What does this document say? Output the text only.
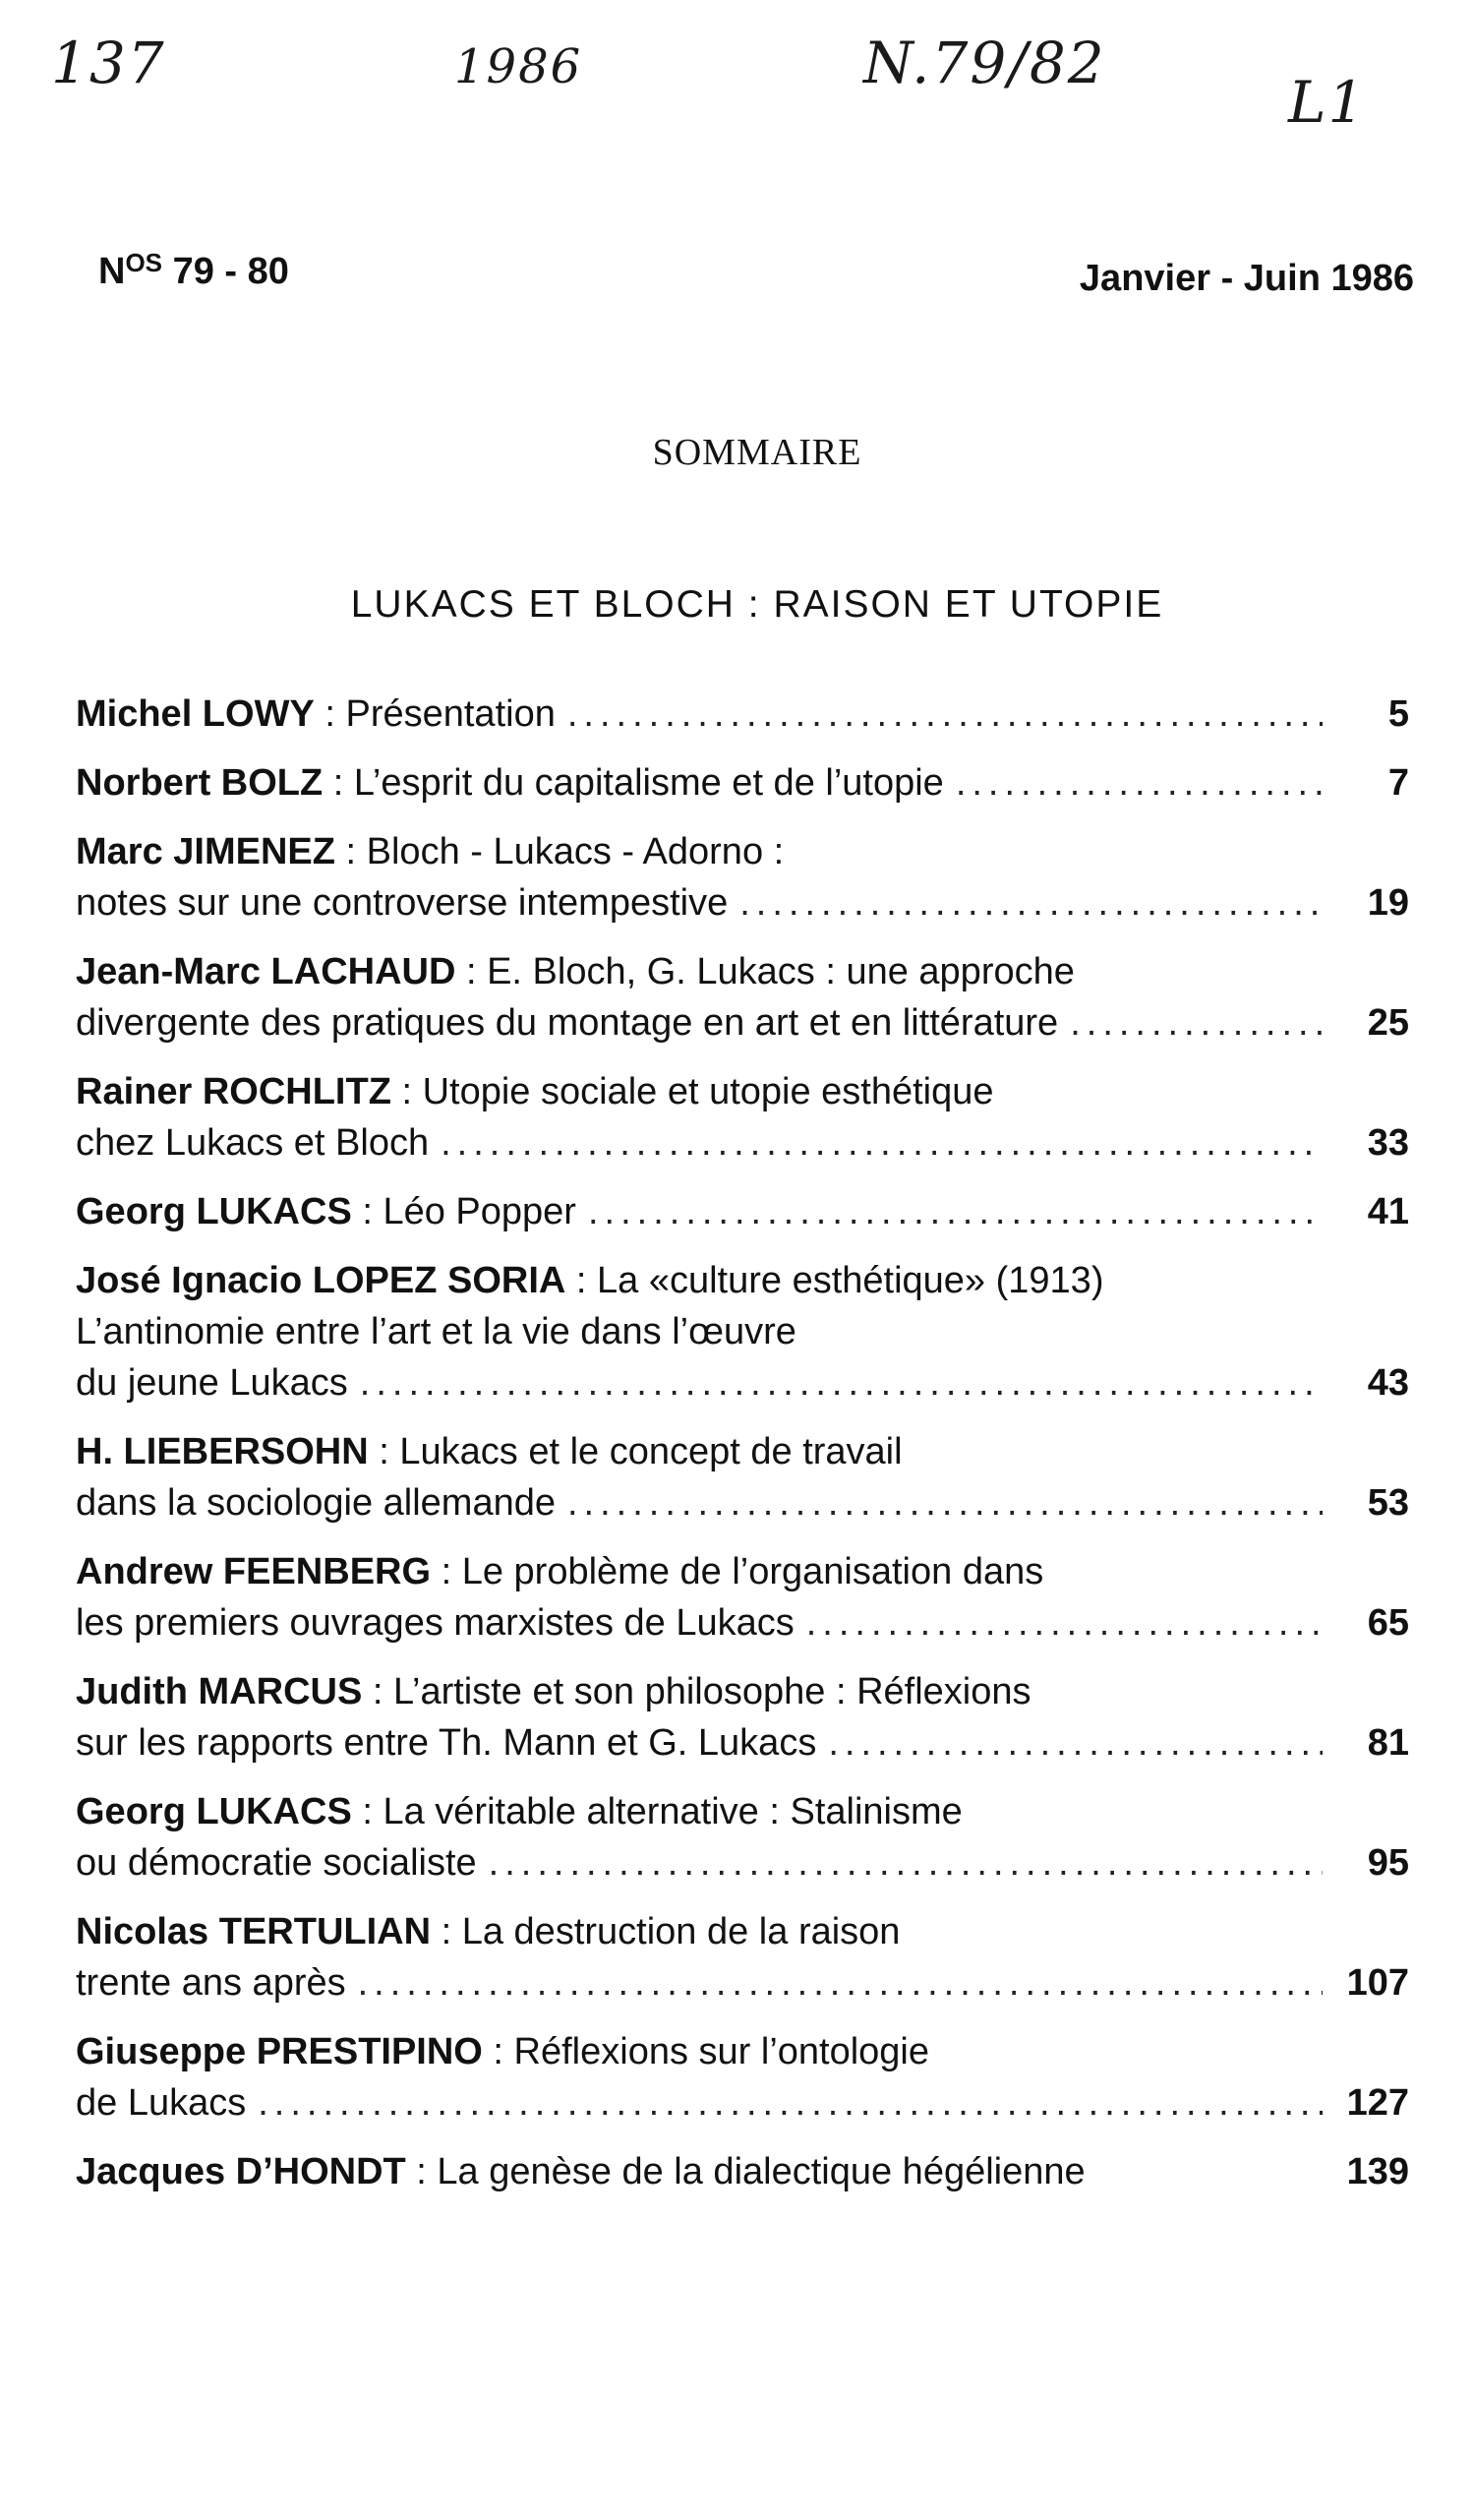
137	1986	N.79/82
L1
$N^{OS}$ 79 - 80	Janvier - Juin 1986
SOMMAIRE
LUKACS ET BLOCH : RAISON ET UTOPIE
Michel LOWY : Présentation .....	5
Norbert BOLZ : L’esprit du capitalisme et de l’utopie .....	7
Marc JIMENEZ : Bloch - Lukacs - Adorno :
notes sur une controverse intempestive .....	19
Jean-Marc LACHAUD : E. Bloch, G. Lukacs : une approche
divergente des pratiques du montage en art et en littérature .....	25
Rainer ROCHLITZ : Utopie sociale et utopie esthétique
chez Lukacs et Bloch .....	33
Georg LUKACS : Léo Popper .....	41
José Ignacio LOPEZ SORIA : La «culture esthétique» (1913)
L’antinomie entre l’art et la vie dans l’œuvre
du jeune Lukacs .....	43
H. LIEBERSOHN : Lukacs et le concept de travail
dans la sociologie allemande .....	53
Andrew FEENBERG : Le problème de l’organisation dans
les premiers ouvrages marxistes de Lukacs .....	65
Judith MARCUS : L’artiste et son philosophe : Réflexions
sur les rapports entre Th. Mann et G. Lukacs .....	81
Georg LUKACS : La véritable alternative : Stalinisme
ou démocratie socialiste .....	95
Nicolas TERTULIAN : La destruction de la raison
trente ans après .....	107
Giuseppe PRESTIPINO : Réflexions sur l’ontologie
de Lukacs .....	127
Jacques D’HONDT : La genèse de la dialectique hégélienne	139
